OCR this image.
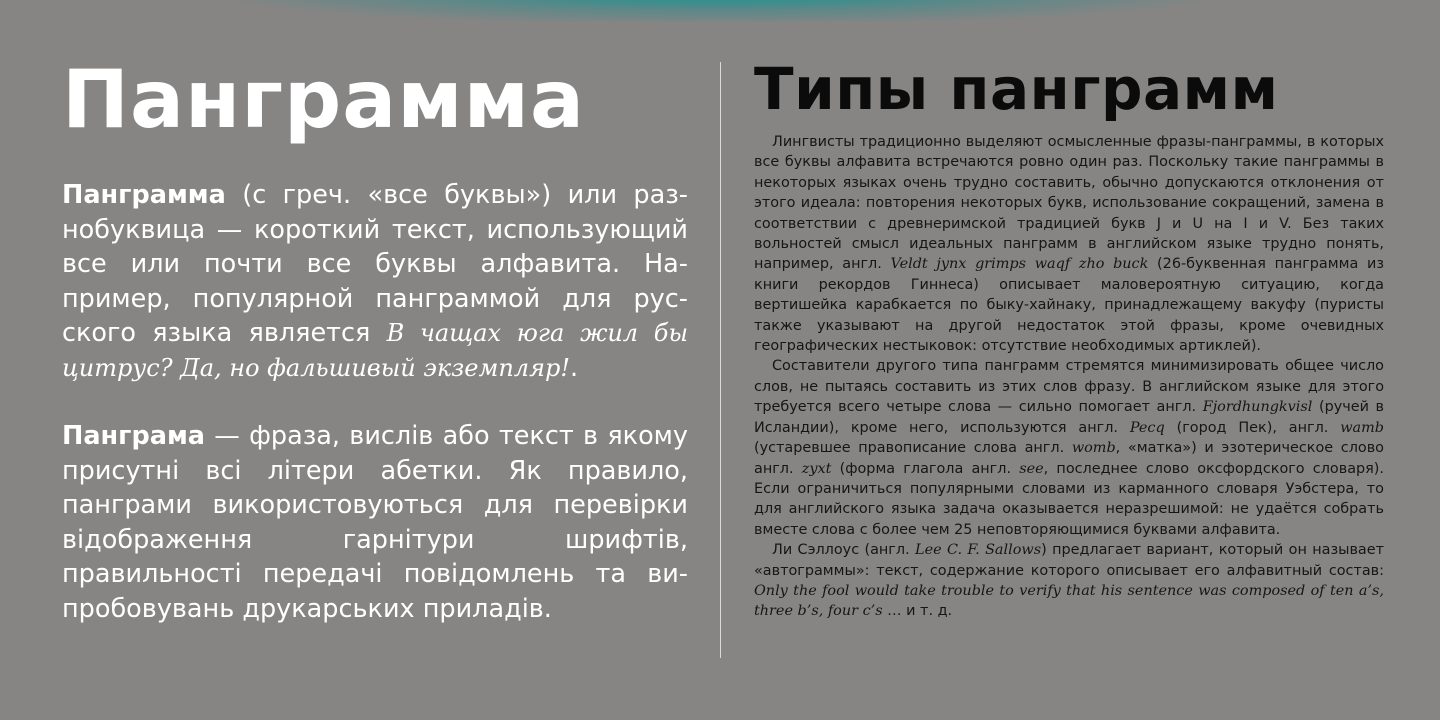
Панграмма

Панграмма (с греч. «все буквы») или разнобуквица — короткий текст, использующий все или почти все буквы алфавита. Например, популярной панграммой для русского языка является В чащах юга жил бы цитрус? Да, но фальшивый экземпляр!.

Панграма — фраза, вислів або текст в якому присутні всі літери абетки. Як правило, панграми використовуються для перевірки відображення гарнітури шрифтів, правильності передачі повідомлень та випробовувань друкарських приладів.

Типы панграмм

Лингвисты традиционно выделяют осмысленные фразы-панграммы, в которых все буквы алфавита встречаются ровно один раз. Поскольку такие панграммы в некоторых языках очень трудно составить, обычно допускаются отклонения от этого идеала: повторения некоторых букв, использование сокращений, замена в соответствии с древнеримской традицией букв J и U на I и V. Без таких вольностей смысл идеальных панграмм в английском языке трудно понять, например, англ. Veldt jynx grimps waqf zho buck (26-буквенная панграмма из книги рекордов Гиннеса) описывает маловероятную ситуацию, когда вертишейка карабкается по быку-хайнаку, принадлежащему вакуфу (пуристы также указывают на другой недостаток этой фразы, кроме очевидных географических нестыковок: отсутствие необходимых артиклей).

Составители другого типа панграмм стремятся минимизировать общее число слов, не пытаясь составить из этих слов фразу. В английском языке для этого требуется всего четыре слова — сильно помогает англ. Fjordhungkvisl (ручей в Исландии), кроме него, используются англ. Pecq (город Пек), англ. wamb (устаревшее правописание слова англ. womb, «матка») и эзотерическое слово англ. zyxt (форма глагола англ. see, последнее слово оксфордского словаря). Если ограничиться популярными словами из карманного словаря Уэбстера, то для английского языка задача оказывается неразрешимой: не удаётся собрать вместе слова с более чем 25 неповторяющимися буквами алфавита.

Ли Сэллоус (англ. Lee C. F. Sallows) предлагает вариант, который он называет «автограммы»: текст, содержание которого описывает его алфавитный состав: Only the fool would take trouble to verify that his sentence was composed of ten a’s, three b’s, four c’s … и т. д.
